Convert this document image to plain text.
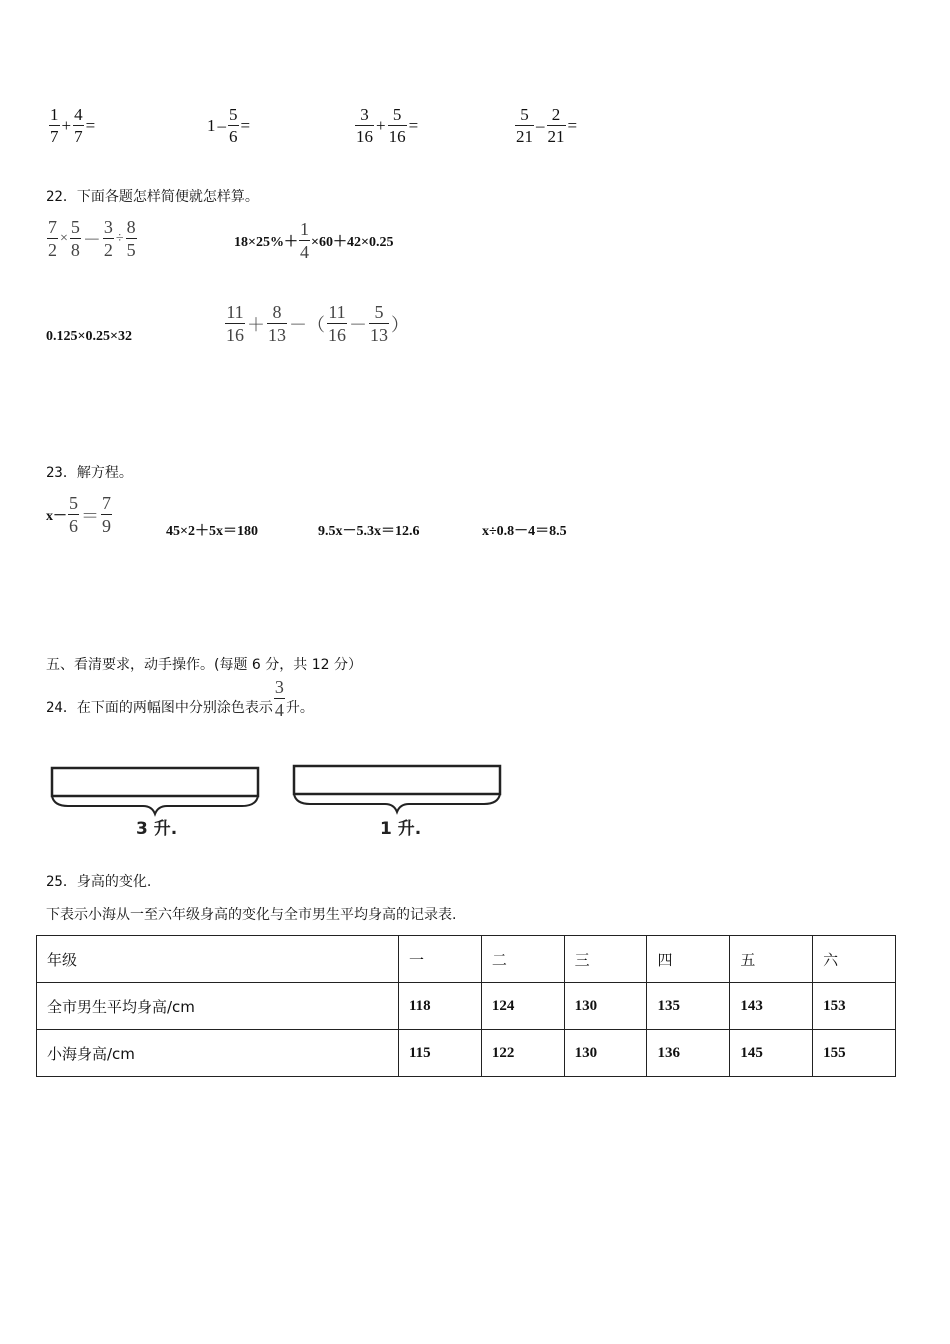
$\frac{1}{7} + \frac{4}{7}$ =	$1 - \frac{5}{6}$ =	$\frac{3}{16} + \frac{5}{16}$ =	$\frac{5}{21} - \frac{2}{21}$ =
22．下面各题怎样简便就怎样算。
$\frac{7}{2} \times \frac{5}{8} - \frac{3}{2} \div \frac{8}{5}$	$18\times 25\%+ \frac{1}{4} \times 60+42\times 0.25$
0.125×0.25×32	$\frac{11}{16} + \frac{8}{13}$ －（ $\frac{11}{16} - \frac{5}{13}$ ）
23．解方程。
$x- \frac{5}{6} = \frac{7}{9}$	45×2＋5x＝180	9.5x－5.3x＝12.6	x÷0.8－4＝8.5
五、看清要求，动手操作。(每题 6 分，共 12 分）
24． 在下面的两幅图中分别涂色表示 $\frac{3}{4}$ 升。
3 升.	1 升.
25．身高的变化.
下表示小海从一至六年级身高的变化与全市男生平均身高的记录表.
年级	一	二	三	四	五	六
全市男生平均身高/cm	118	124	130	135	143	153
小海身高/cm	115	122	130	136	145	155
